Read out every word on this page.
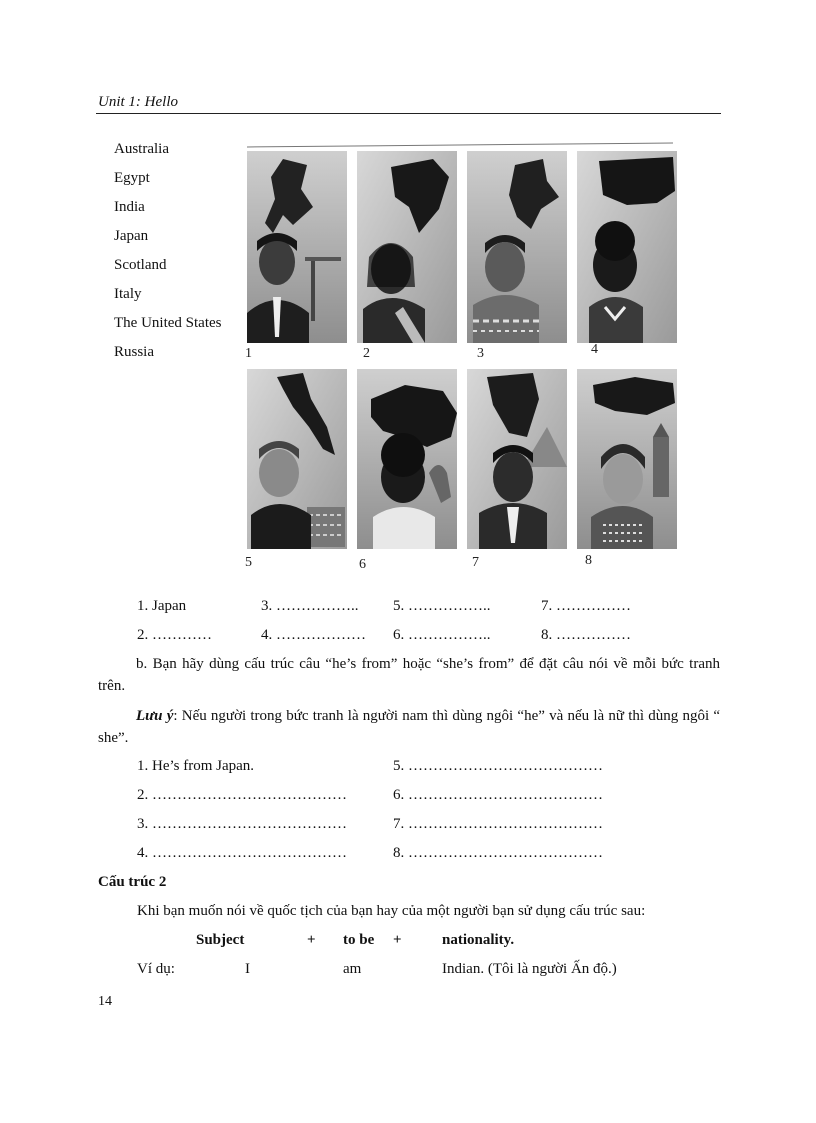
Unit 1: Hello
Australia
Egypt
India
Japan
Scotland
Italy
The United States
Russia	1	2	3	4
5	6	7	8
1. Japan	3. …………….. 5. ……………..	7. ……………
2. …………	4. ……………… 6. ……………..	8. ……………
b. Bạn hãy dùng cấu trúc câu “he’s from” hoặc “she’s from” để đặt câu nói về mỗi bức tranh trên.
Lưu ý: Nếu người trong bức tranh là người nam thì dùng ngôi “he” và nếu là nữ thì dùng ngôi “ she”.
1. He’s from Japan.	5. …………………………………
2. …………………………………	6. …………………………………
3. …………………………………	7. …………………………………
4. …………………………………	8. …………………………………
Cấu trúc 2
Khi bạn muốn nói về quốc tịch của bạn hay của một người bạn sử dụng cấu trúc sau:
Subject	+ to be +	nationality.
Ví dụ:	I	am	Indian. (Tôi là người Ấn độ.)
14
